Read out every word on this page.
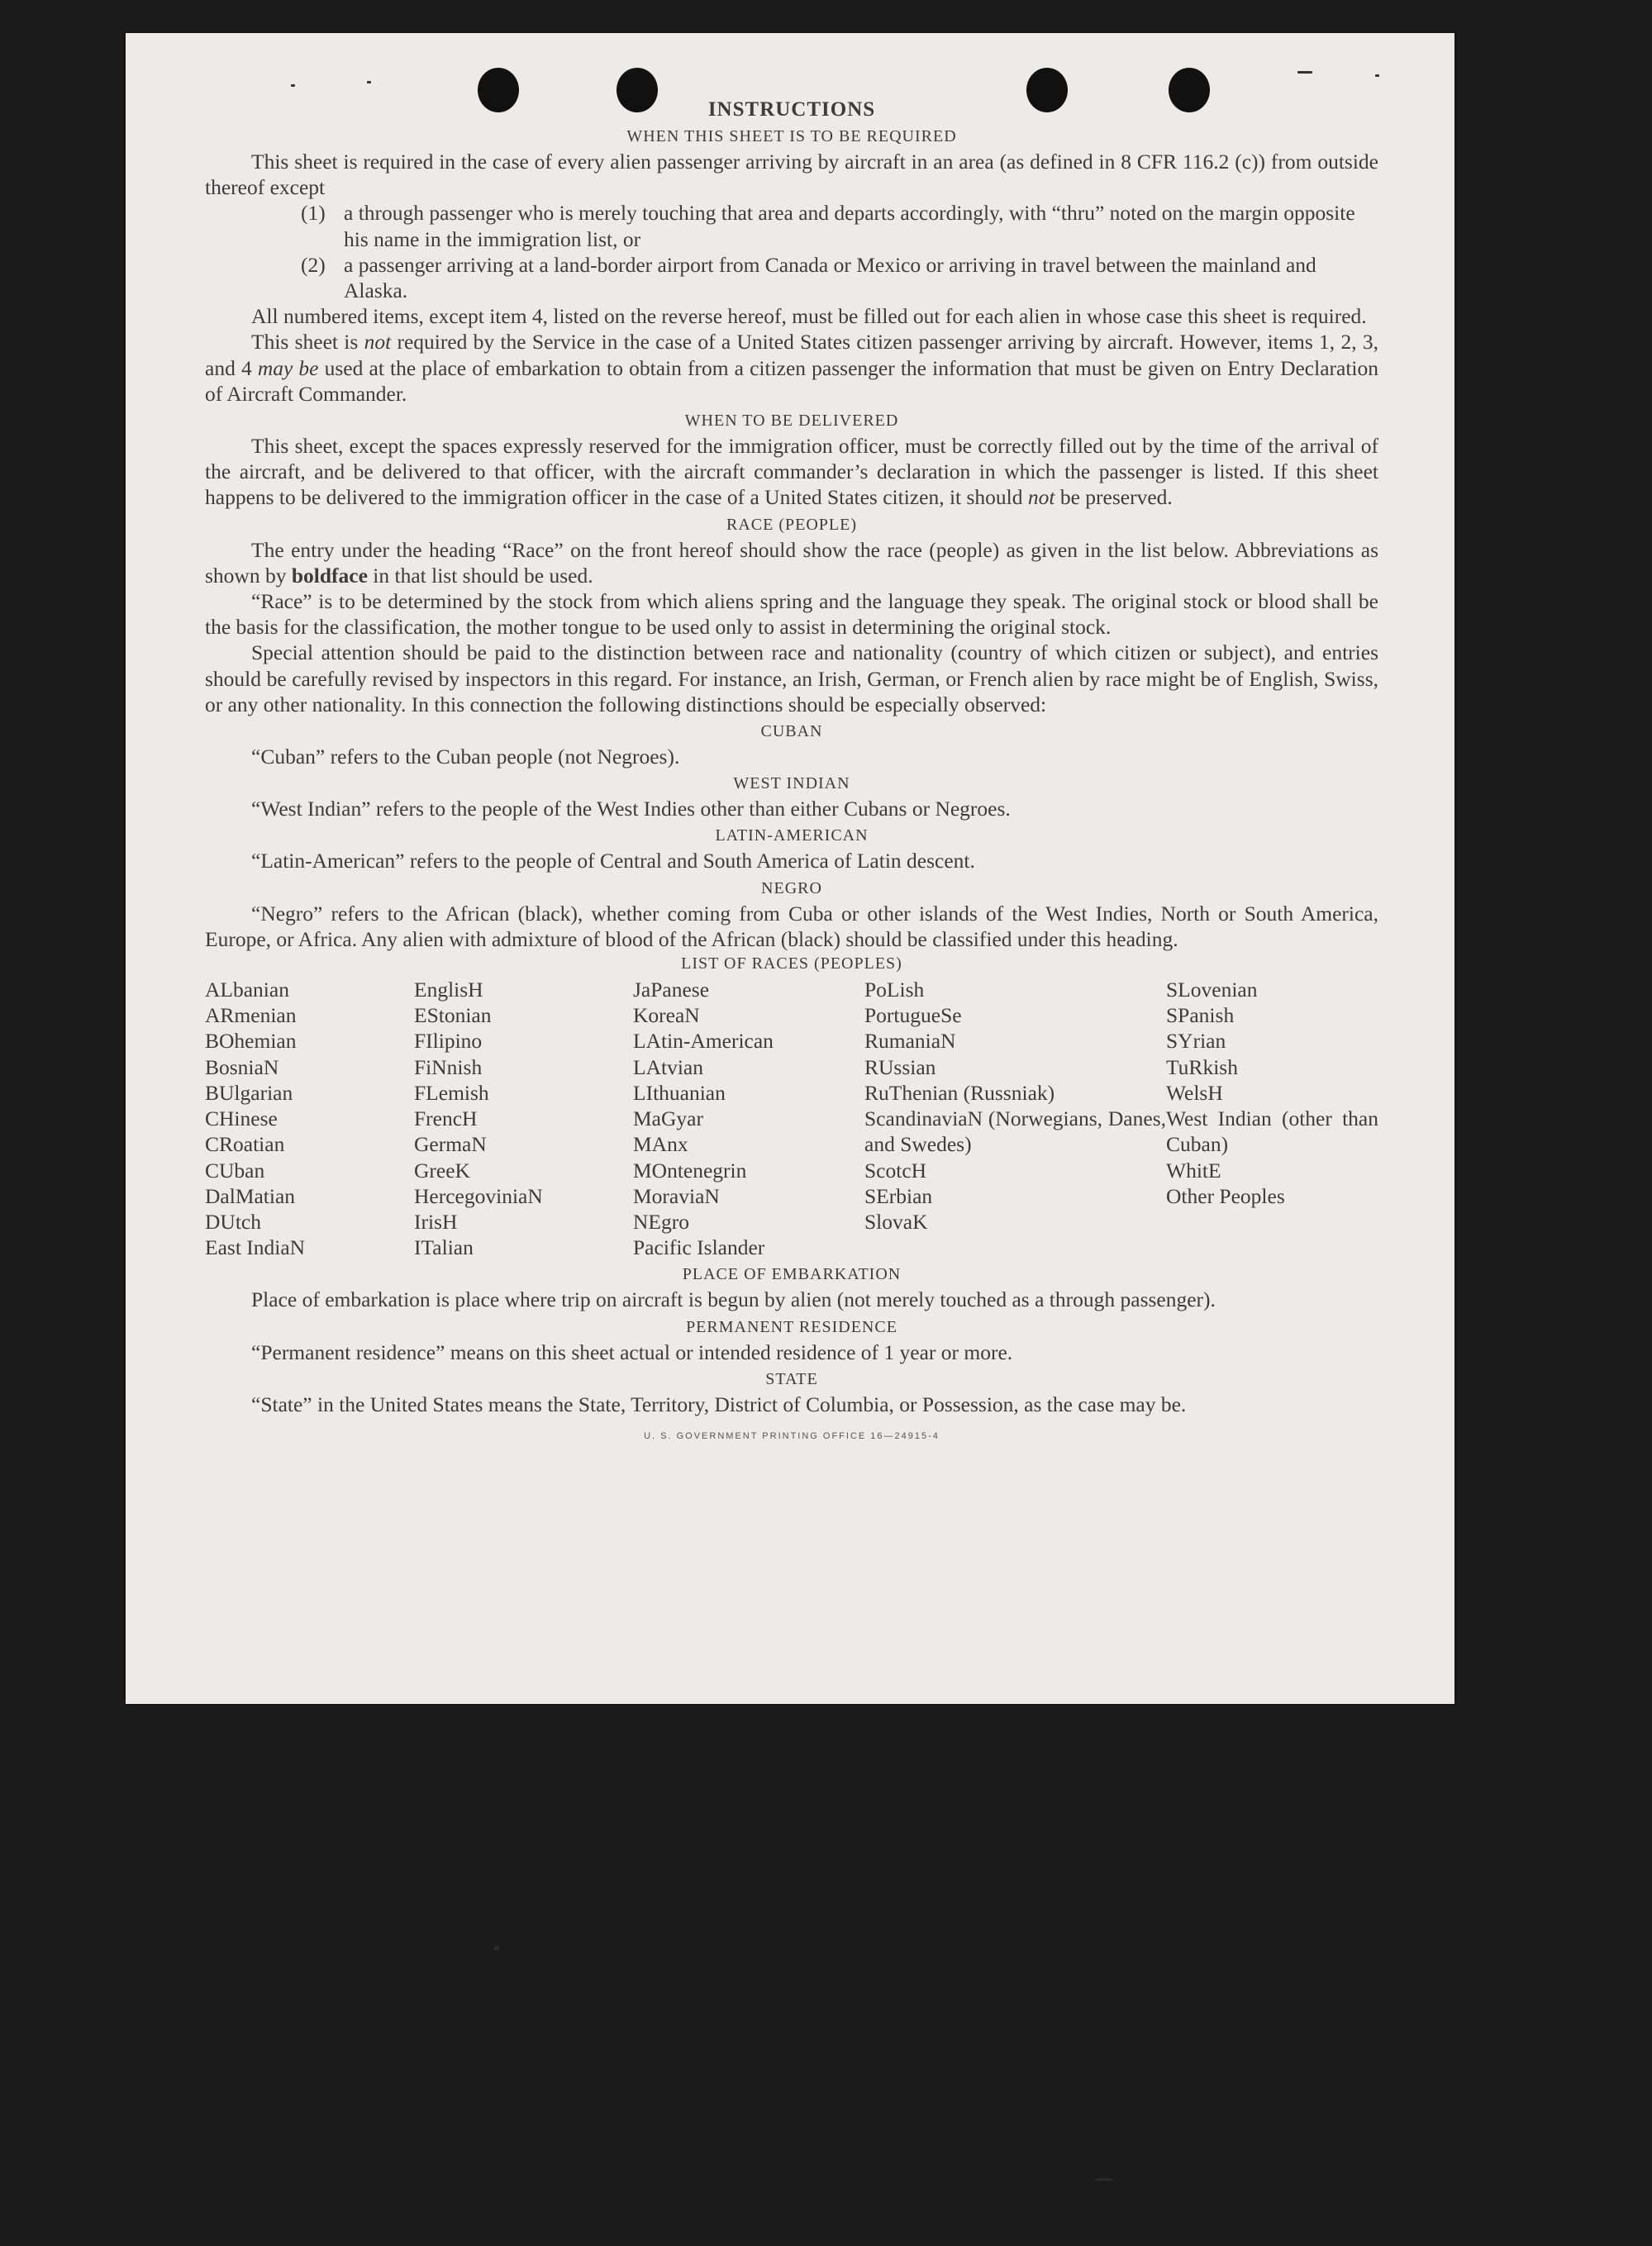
INSTRUCTIONS
WHEN THIS SHEET IS TO BE REQUIRED

This sheet is required in the case of every alien passenger arriving by aircraft in an area (as defined in 8 CFR 116.2 (c)) from outside thereof except

(1) a through passenger who is merely touching that area and departs accordingly, with “thru” noted on the margin opposite his name in the immigration list, or
(2) a passenger arriving at a land-border airport from Canada or Mexico or arriving in travel between the mainland and Alaska.

All numbered items, except item 4, listed on the reverse hereof, must be filled out for each alien in whose case this sheet is required.

This sheet is not required by the Service in the case of a United States citizen passenger arriving by aircraft. However, items 1, 2, 3, and 4 may be used at the place of embarkation to obtain from a citizen passenger the information that must be given on Entry Declaration of Aircraft Commander.

WHEN TO BE DELIVERED

This sheet, except the spaces expressly reserved for the immigration officer, must be correctly filled out by the time of the arrival of the aircraft, and be delivered to that officer, with the aircraft commander’s declaration in which the passenger is listed. If this sheet happens to be delivered to the immigration officer in the case of a United States citizen, it should not be preserved.

RACE (PEOPLE)

The entry under the heading “Race” on the front hereof should show the race (people) as given in the list below. Abbreviations as shown by boldface in that list should be used.

“Race” is to be determined by the stock from which aliens spring and the language they speak. The original stock or blood shall be the basis for the classification, the mother tongue to be used only to assist in determining the original stock.

Special attention should be paid to the distinction between race and nationality (country of which citizen or subject), and entries should be carefully revised by inspectors in this regard. For instance, an Irish, German, or French alien by race might be of English, Swiss, or any other nationality. In this connection the following distinctions should be especially observed:

CUBAN

“Cuban” refers to the Cuban people (not Negroes).

WEST INDIAN

“West Indian” refers to the people of the West Indies other than either Cubans or Negroes.

LATIN-AMERICAN

“Latin-American” refers to the people of Central and South America of Latin descent.

NEGRO

“Negro” refers to the African (black), whether coming from Cuba or other islands of the West Indies, North or South America, Europe, or Africa. Any alien with admixture of blood of the African (black) should be classified under this heading.

LIST OF RACES (PEOPLES)
ALbanian
ARmenian
BOhemian
BosniaN
BUlgarian
CHinese
CRoatian
CUban
DalMatian
DUtch
East IndiaN
EnglisH
EStonian
FIlipino
FiNnish
FLemish
FrencH
GermaN
GreeK
HercegoviniaN
IrisH
ITalian
JaPanese
KoreaN
LAtin-American
LAtvian
LIthuanian
MaGyar
MAnx
MOntenegrin
MoraviaN
NEgro
Pacific Islander
PoLish
PortugueSe
RumaniaN
RUssian
RuThenian (Russniak)
ScandinaviaN (Norwegians, Danes, and Swedes)
ScotcH
SErbian
SlovaK
SLovenian
SPanish
SYrian
TuRkish
WelsH
West Indian (other than Cuban)
WhitE
Other Peoples
PLACE OF EMBARKATION

Place of embarkation is place where trip on aircraft is begun by alien (not merely touched as a through passenger).

PERMANENT RESIDENCE

“Permanent residence” means on this sheet actual or intended residence of 1 year or more.

STATE

“State” in the United States means the State, Territory, District of Columbia, or Possession, as the case may be.

U. S. GOVERNMENT PRINTING OFFICE 16—24915-4
